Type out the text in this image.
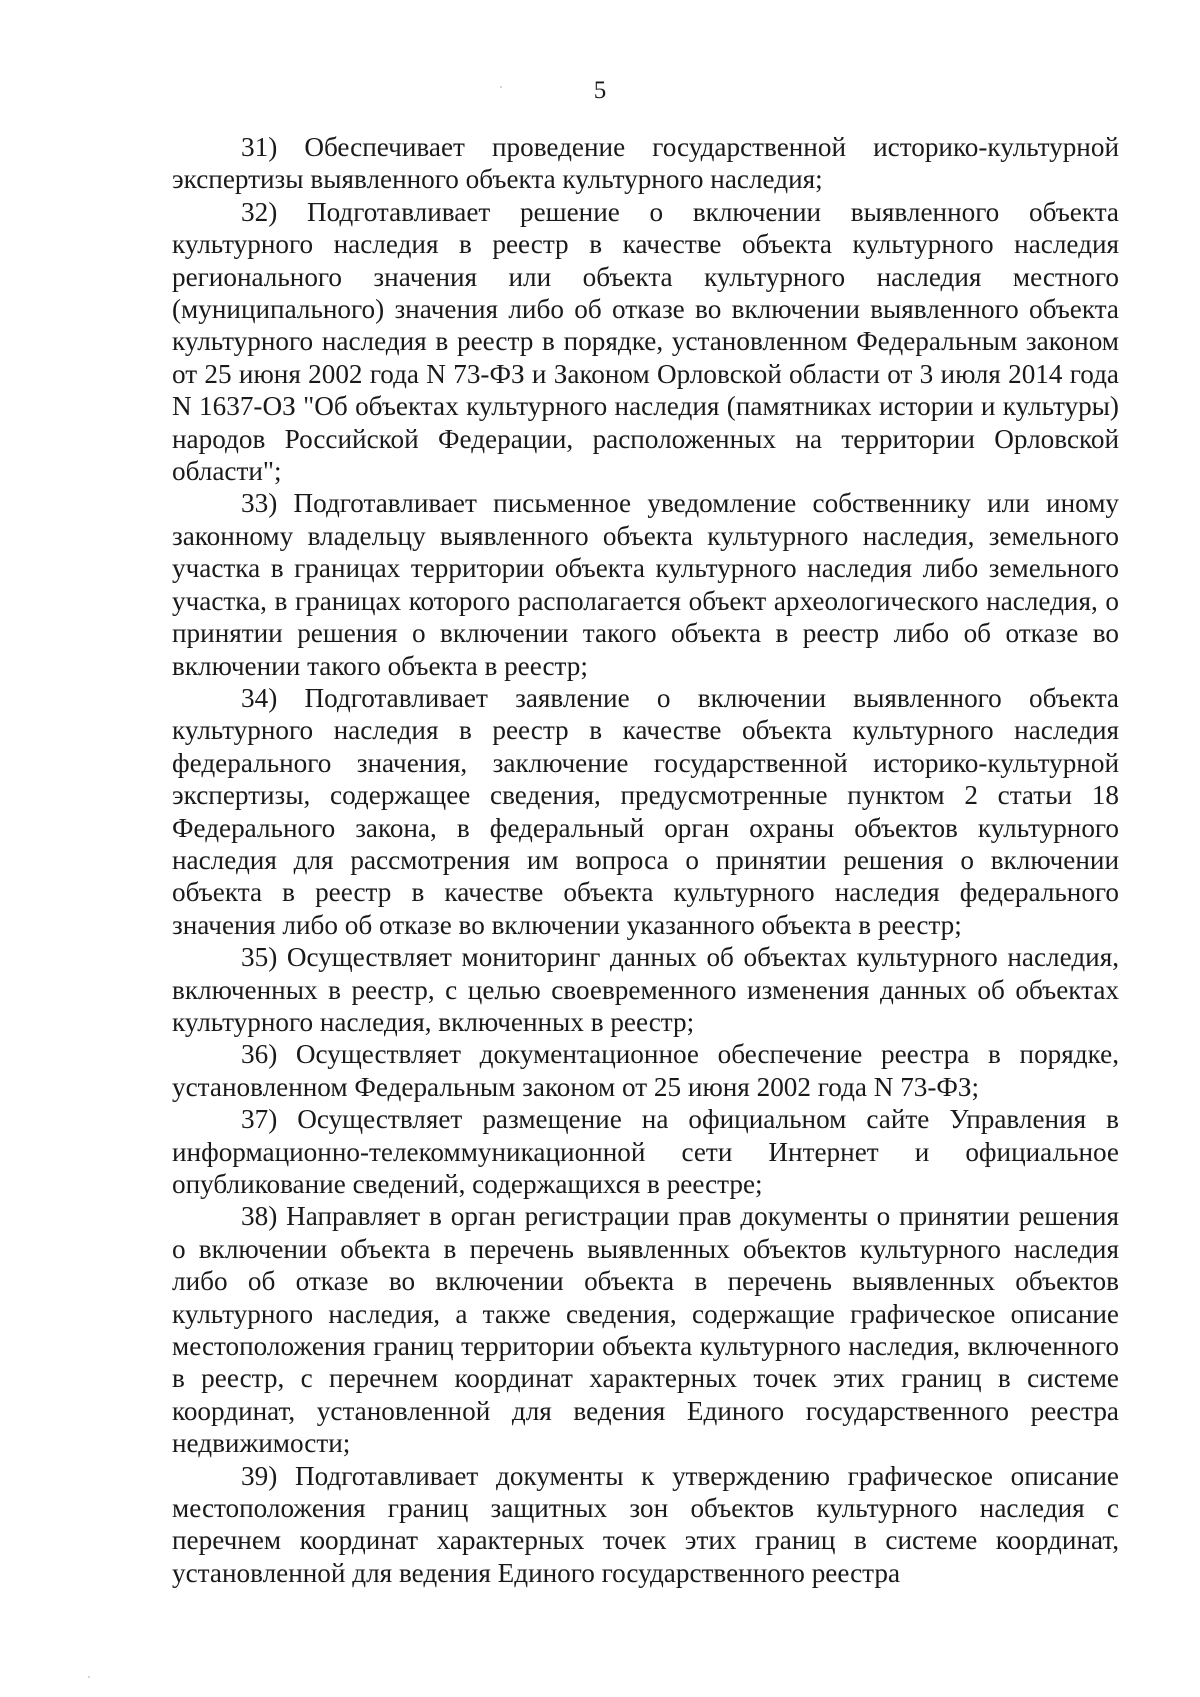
5

31) Обеспечивает проведение государственной историко-культурной экспертизы выявленного объекта культурного наследия;

32) Подготавливает решение о включении выявленного объекта культурного наследия в реестр в качестве объекта культурного наследия регионального значения или объекта культурного наследия местного (муниципального) значения либо об отказе во включении выявленного объекта культурного наследия в реестр в порядке, установленном Федеральным законом от 25 июня 2002 года N 73-ФЗ и Законом Орловской области от 3 июля 2014 года N 1637-ОЗ "Об объектах культурного наследия (памятниках истории и культуры) народов Российской Федерации, расположенных на территории Орловской области";

33) Подготавливает письменное уведомление собственнику или иному законному владельцу выявленного объекта культурного наследия, земельного участка в границах территории объекта культурного наследия либо земельного участка, в границах которого располагается объект археологического наследия, о принятии решения о включении такого объекта в реестр либо об отказе во включении такого объекта в реестр;

34) Подготавливает заявление о включении выявленного объекта культурного наследия в реестр в качестве объекта культурного наследия федерального значения, заключение государственной историко-культурной экспертизы, содержащее сведения, предусмотренные пунктом 2 статьи 18 Федерального закона, в федеральный орган охраны объектов культурного наследия для рассмотрения им вопроса о принятии решения о включении объекта в реестр в качестве объекта культурного наследия федерального значения либо об отказе во включении указанного объекта в реестр;

35) Осуществляет мониторинг данных об объектах культурного наследия, включенных в реестр, с целью своевременного изменения данных об объектах культурного наследия, включенных в реестр;

36) Осуществляет документационное обеспечение реестра в порядке, установленном Федеральным законом от 25 июня 2002 года N 73-ФЗ;

37) Осуществляет размещение на официальном сайте Управления в информационно-телекоммуникационной сети Интернет и официальное опубликование сведений, содержащихся в реестре;

38) Направляет в орган регистрации прав документы о принятии решения о включении объекта в перечень выявленных объектов культурного наследия либо об отказе во включении объекта в перечень выявленных объектов культурного наследия, а также сведения, содержащие графическое описание местоположения границ территории объекта культурного наследия, включенного в реестр, с перечнем координат характерных точек этих границ в системе координат, установленной для ведения Единого государственного реестра недвижимости;

39) Подготавливает документы к утверждению графическое описание местоположения границ защитных зон объектов культурного наследия с перечнем координат характерных точек этих границ в системе координат, установленной для ведения Единого государственного реестра
